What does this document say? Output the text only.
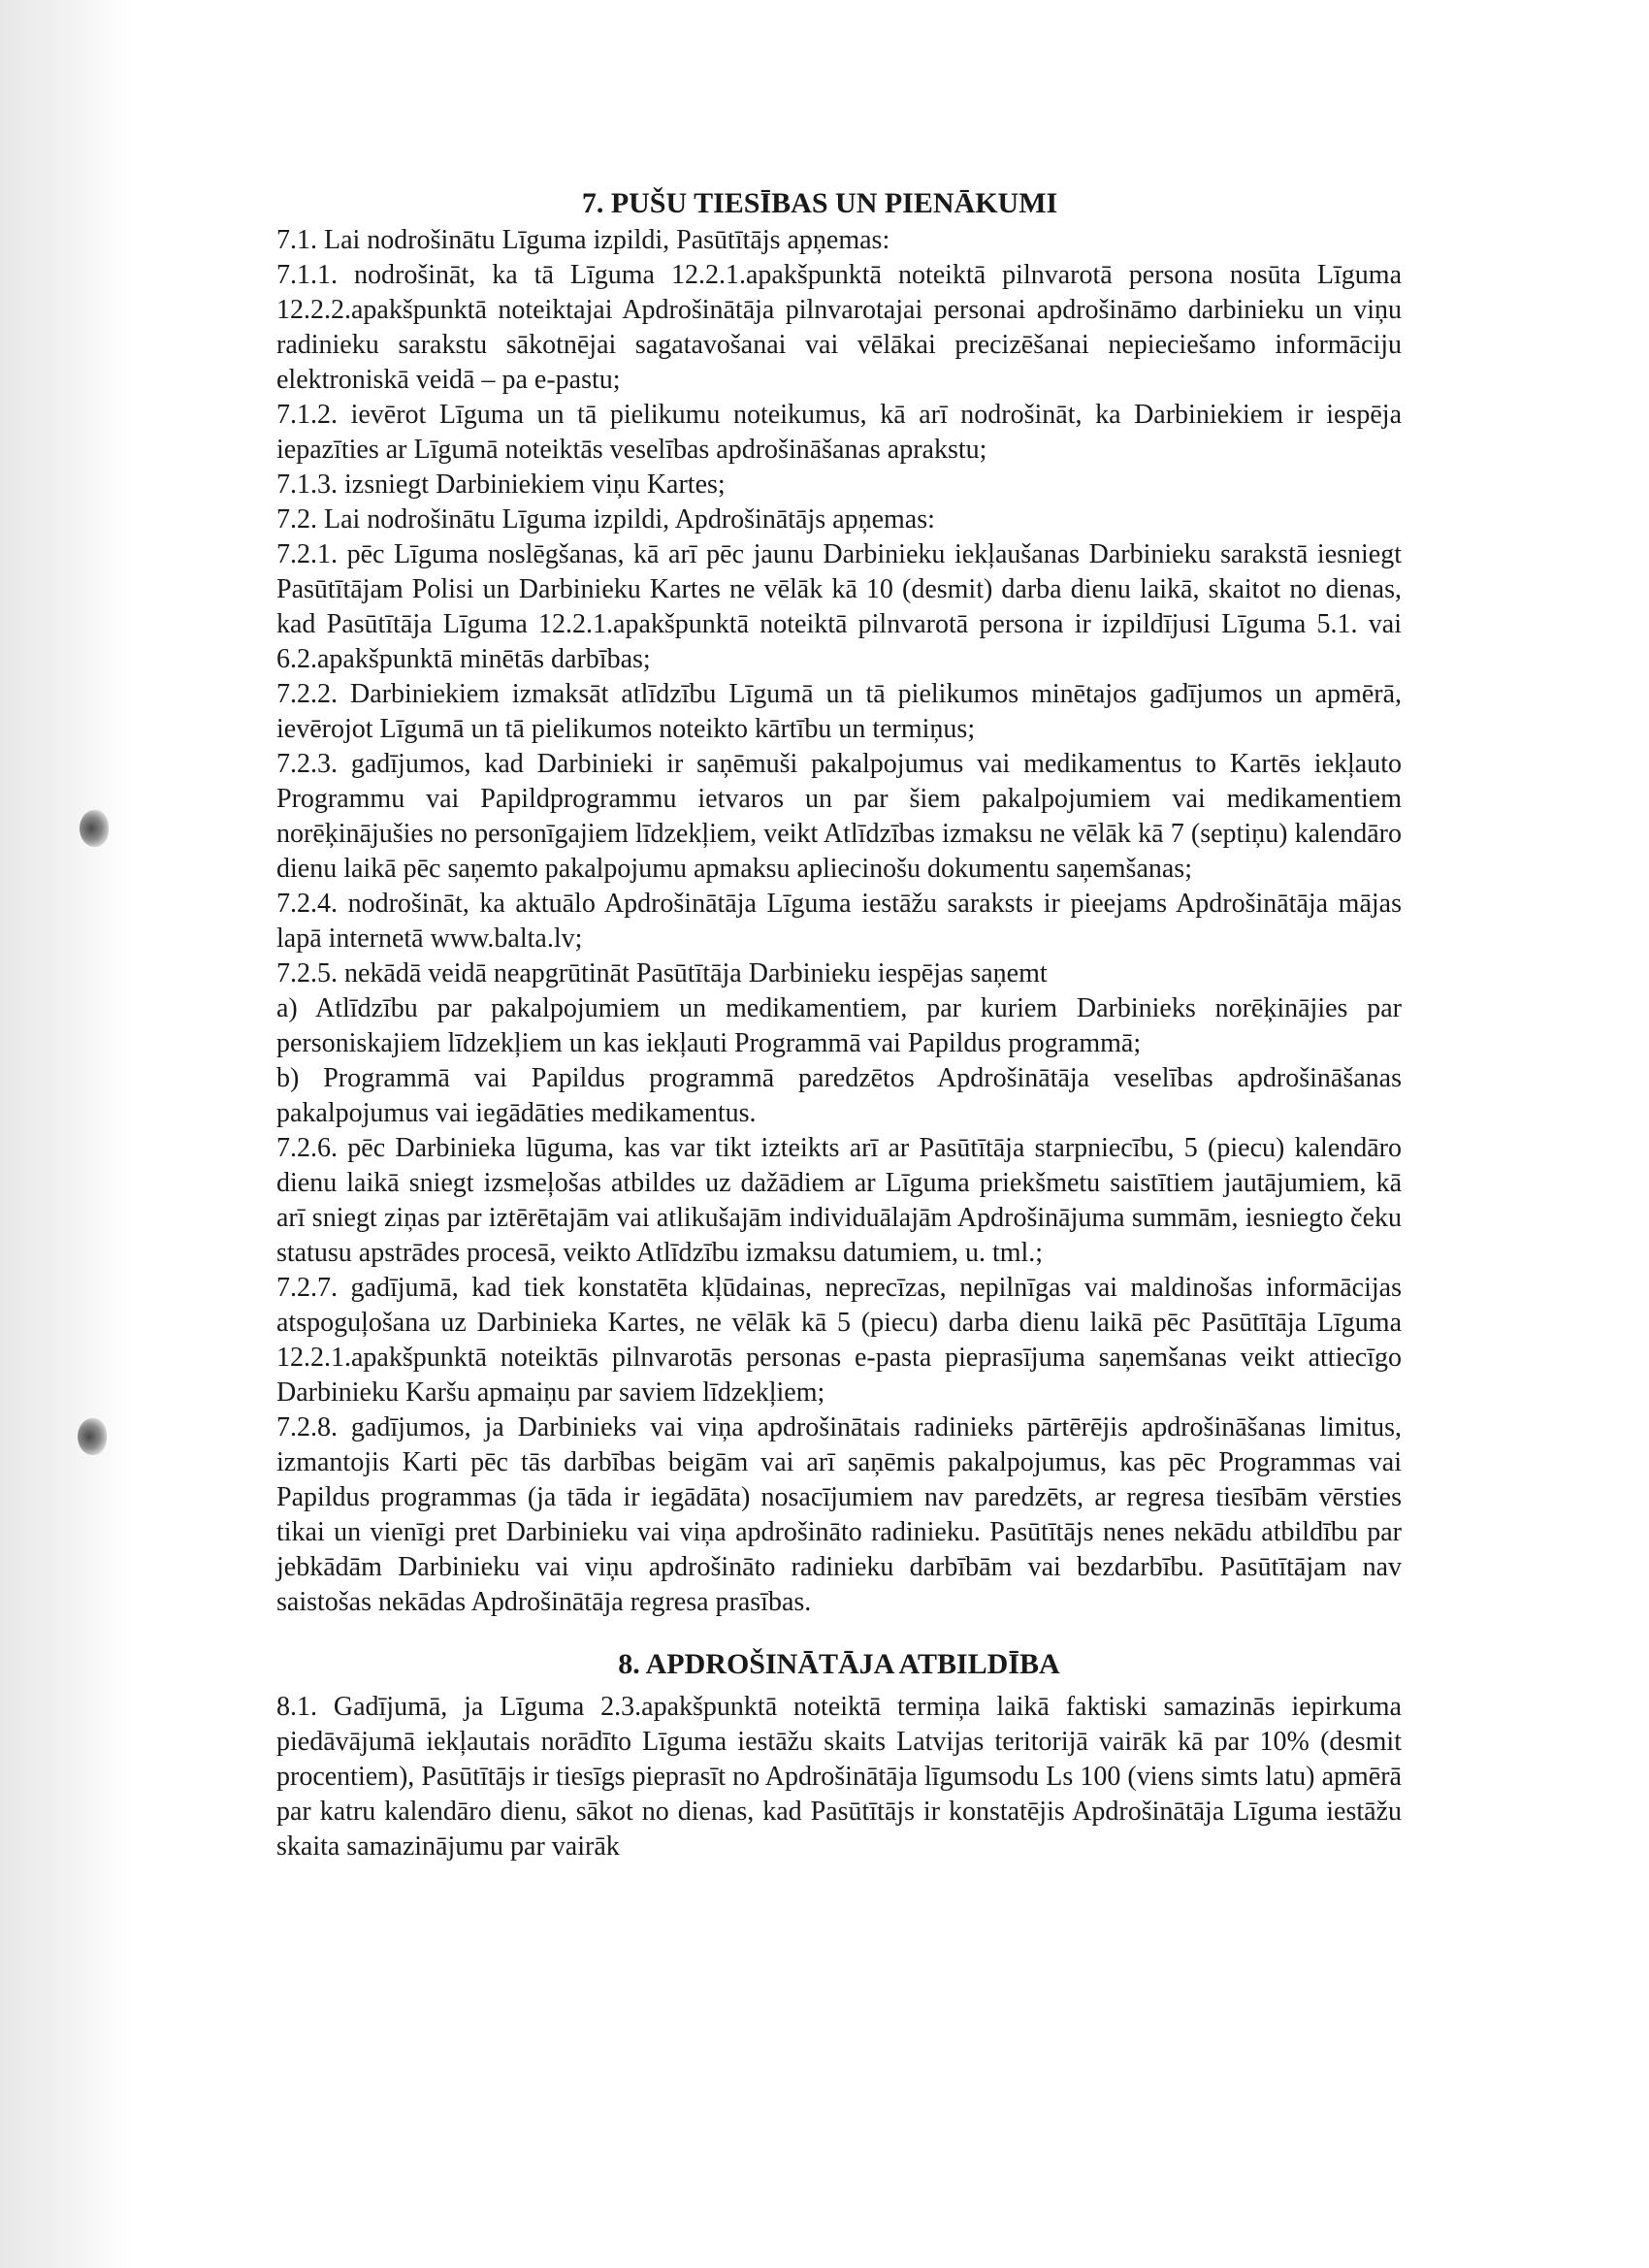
7. PUŠU TIESĪBAS UN PIENĀKUMI

7.1. Lai nodrošinātu Līguma izpildi, Pasūtītājs apņemas:

7.1.1. nodrošināt, ka tā Līguma 12.2.1.apakšpunktā noteiktā pilnvarotā persona nosūta Līguma 12.2.2.apakšpunktā noteiktajai Apdrošinātāja pilnvarotajai personai apdrošināmo darbinieku un viņu radinieku sarakstu sākotnējai sagatavošanai vai vēlākai precizēšanai nepieciešamo informāciju elektroniskā veidā – pa e-pastu;

7.1.2. ievērot Līguma un tā pielikumu noteikumus, kā arī nodrošināt, ka Darbiniekiem ir iespēja iepazīties ar Līgumā noteiktās veselības apdrošināšanas aprakstu;

7.1.3. izsniegt Darbiniekiem viņu Kartes;

7.2. Lai nodrošinātu Līguma izpildi, Apdrošinātājs apņemas:

7.2.1. pēc Līguma noslēgšanas, kā arī pēc jaunu Darbinieku iekļaušanas Darbinieku sarakstā iesniegt Pasūtītājam Polisi un Darbinieku Kartes ne vēlāk kā 10 (desmit) darba dienu laikā, skaitot no dienas, kad Pasūtītāja Līguma 12.2.1.apakšpunktā noteiktā pilnvarotā persona ir izpildījusi Līguma 5.1. vai 6.2.apakšpunktā minētās darbības;

7.2.2. Darbiniekiem izmaksāt atlīdzību Līgumā un tā pielikumos minētajos gadījumos un apmērā, ievērojot Līgumā un tā pielikumos noteikto kārtību un termiņus;

7.2.3. gadījumos, kad Darbinieki ir saņēmuši pakalpojumus vai medikamentus to Kartēs iekļauto Programmu vai Papildprogrammu ietvaros un par šiem pakalpojumiem vai medikamentiem norēķinājušies no personīgajiem līdzekļiem, veikt Atlīdzības izmaksu ne vēlāk kā 7 (septiņu) kalendāro dienu laikā pēc saņemto pakalpojumu apmaksu apliecinošu dokumentu saņemšanas;

7.2.4. nodrošināt, ka aktuālo Apdrošinātāja Līguma iestāžu saraksts ir pieejams Apdrošinātāja mājas lapā internetā www.balta.lv;

7.2.5. nekādā veidā neapgrūtināt Pasūtītāja Darbinieku iespējas saņemt

a) Atlīdzību par pakalpojumiem un medikamentiem, par kuriem Darbinieks norēķinājies par personiskajiem līdzekļiem un kas iekļauti Programmā vai Papildus programmā;

b) Programmā vai Papildus programmā paredzētos Apdrošinātāja veselības apdrošināšanas pakalpojumus vai iegādāties medikamentus.

7.2.6. pēc Darbinieka lūguma, kas var tikt izteikts arī ar Pasūtītāja starpniecību, 5 (piecu) kalendāro dienu laikā sniegt izsmeļošas atbildes uz dažādiem ar Līguma priekšmetu saistītiem jautājumiem, kā arī sniegt ziņas par iztērētajām vai atlikušajām individuālajām Apdrošinājuma summām, iesniegto čeku statusu apstrādes procesā, veikto Atlīdzību izmaksu datumiem, u. tml.;

7.2.7. gadījumā, kad tiek konstatēta kļūdainas, neprecīzas, nepilnīgas vai maldinošas informācijas atspoguļošana uz Darbinieka Kartes, ne vēlāk kā 5 (piecu) darba dienu laikā pēc Pasūtītāja Līguma 12.2.1.apakšpunktā noteiktās pilnvarotās personas e-pasta pieprasījuma saņemšanas veikt attiecīgo Darbinieku Karšu apmaiņu par saviem līdzekļiem;

7.2.8. gadījumos, ja Darbinieks vai viņa apdrošinātais radinieks pārtērējis apdrošināšanas limitus, izmantojis Karti pēc tās darbības beigām vai arī saņēmis pakalpojumus, kas pēc Programmas vai Papildus programmas (ja tāda ir iegādāta) nosacījumiem nav paredzēts, ar regresa tiesībām vērsties tikai un vienīgi pret Darbinieku vai viņa apdrošināto radinieku. Pasūtītājs nenes nekādu atbildību par jebkādām Darbinieku vai viņu apdrošināto radinieku darbībām vai bezdarbību. Pasūtītājam nav saistošas nekādas Apdrošinātāja regresa prasības.

8. APDROŠINĀTĀJA ATBILDĪBA

8.1. Gadījumā, ja Līguma 2.3.apakšpunktā noteiktā termiņa laikā faktiski samazinās iepirkuma piedāvājumā iekļautais norādīto Līguma iestāžu skaits Latvijas teritorijā vairāk kā par 10% (desmit procentiem), Pasūtītājs ir tiesīgs pieprasīt no Apdrošinātāja līgumsodu Ls 100 (viens simts latu) apmērā par katru kalendāro dienu, sākot no dienas, kad Pasūtītājs ir konstatējis Apdrošinātāja Līguma iestāžu skaita samazinājumu par vairāk
